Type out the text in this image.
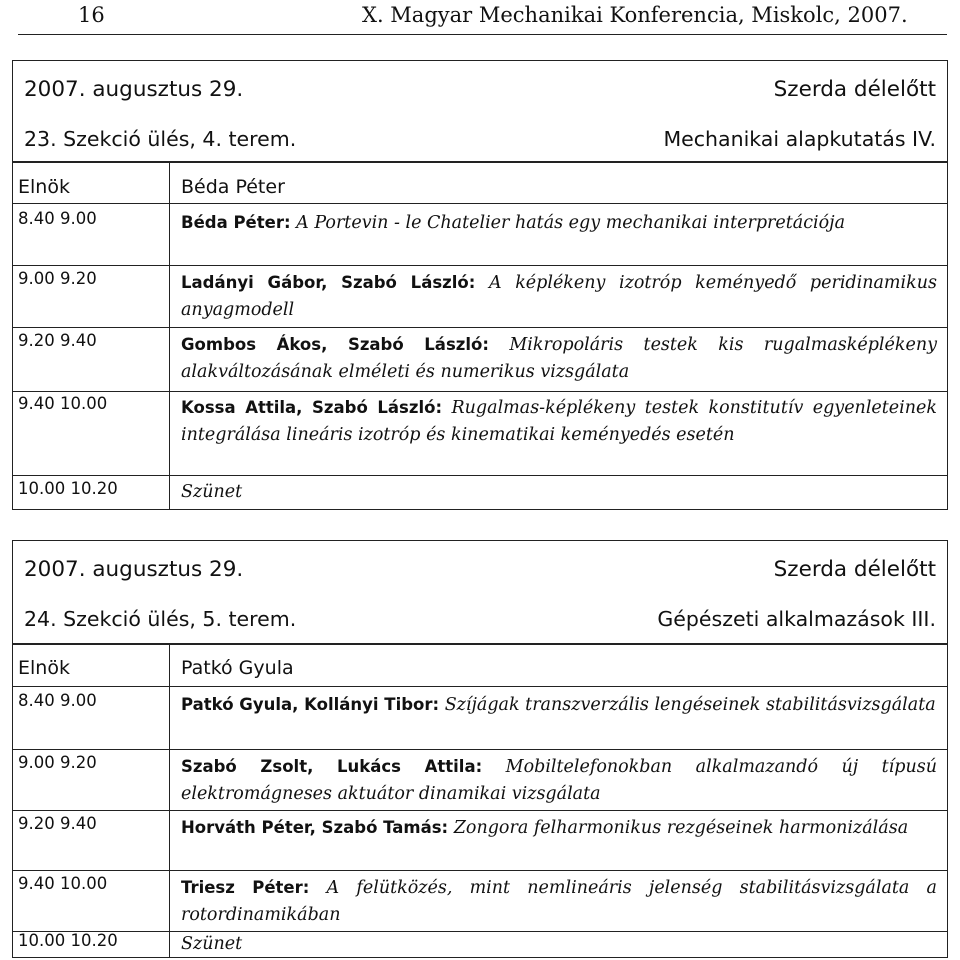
16	X. Magyar Mechanikai Konferencia, Miskolc, 2007.
2007. augusztus 29.	Szerda délelőtt
23. Szekció ülés, 4. terem.	Mechanikai alapkutatás IV.
Elnök	Béda Péter
8.40 9.00	Béda Péter: A Portevin - le Chatelier hatás egy mechanikai interpretációja
9.00 9.20	Ladányi Gábor, Szabó László: A képlékeny izotróp keményedő peridinamikus anyagmodell
9.20 9.40	Gombos Ákos, Szabó László: Mikropoláris testek kis rugalmasképlékeny alakváltozásának elméleti és numerikus vizsgálata
9.40 10.00	Kossa Attila, Szabó László: Rugalmas-képlékeny testek konstitutív egyenleteinek integrálása lineáris izotróp és kinematikai keményedés esetén
10.00 10.20	Szünet
2007. augusztus 29.	Szerda délelőtt
24. Szekció ülés, 5. terem.	Gépészeti alkalmazások III.
Elnök	Patkó Gyula
8.40 9.00	Patkó Gyula, Kollányi Tibor: Szíjágak transzverzális lengéseinek stabilitásvizsgálata
9.00 9.20	Szabó Zsolt, Lukács Attila: Mobiltelefonokban alkalmazandó új típusú elektromágneses aktuátor dinamikai vizsgálata
9.20 9.40	Horváth Péter, Szabó Tamás: Zongora felharmonikus rezgéseinek harmonizálása
9.40 10.00	Triesz Péter: A felütközés, mint nemlineáris jelenség stabilitásvizsgálata a rotordinamikában
10.00 10.20	Szünet
